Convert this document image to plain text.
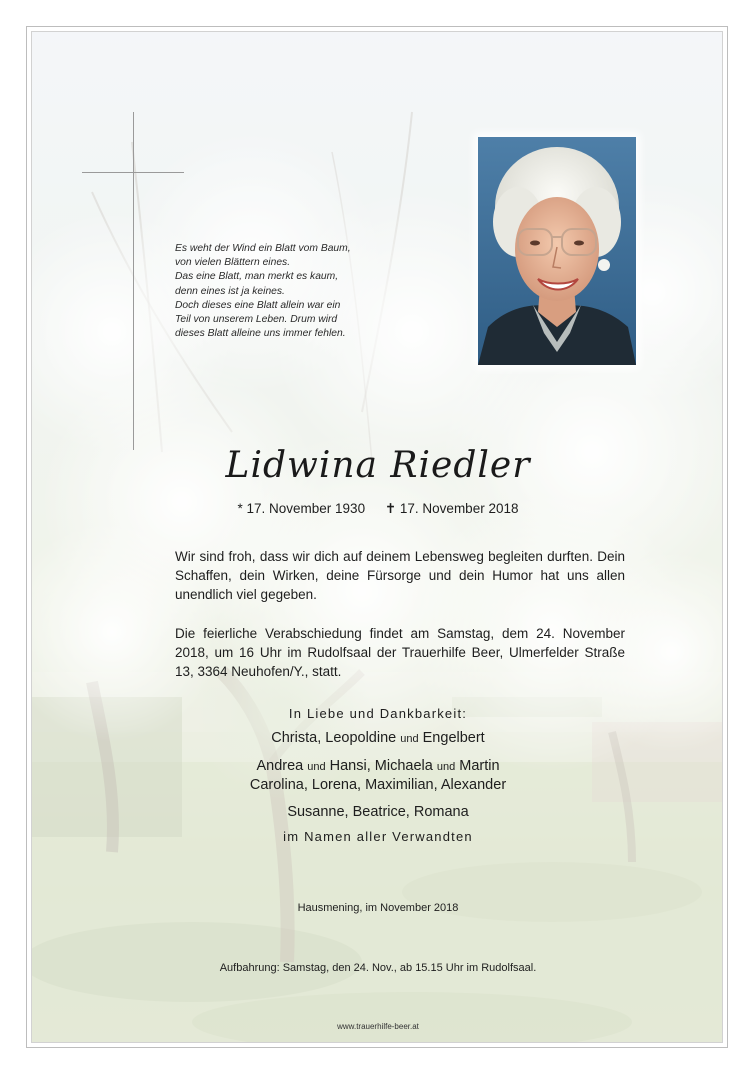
Es weht der Wind ein Blatt vom Baum,
von vielen Blättern eines.
Das eine Blatt, man merkt es kaum,
denn eines ist ja keines.
Doch dieses eine Blatt allein war ein
Teil von unserem Leben. Drum wird
dieses Blatt alleine uns immer fehlen.
Lidwina Riedler
* 17. November 1930 ✝ 17. November 2018
Wir sind froh, dass wir dich auf deinem Lebensweg begleiten durften. Dein Schaffen, dein Wirken, deine Fürsorge und dein Humor hat uns allen unendlich viel gegeben.
Die feierliche Verabschiedung findet am Samstag, dem 24. November 2018, um 16 Uhr im Rudolfsaal der Trauerhilfe Beer, Ulmerfelder Straße 13, 3364 Neuhofen/Y., statt.
In Liebe und Dankbarkeit:
Christa, Leopoldine und Engelbert
Andrea und Hansi, Michaela und Martin
Carolina, Lorena, Maximilian, Alexander
Susanne, Beatrice, Romana
im Namen aller Verwandten
Hausmening, im November 2018
Aufbahrung: Samstag, den 24. Nov., ab 15.15 Uhr im Rudolfsaal.
www.trauerhilfe-beer.at
